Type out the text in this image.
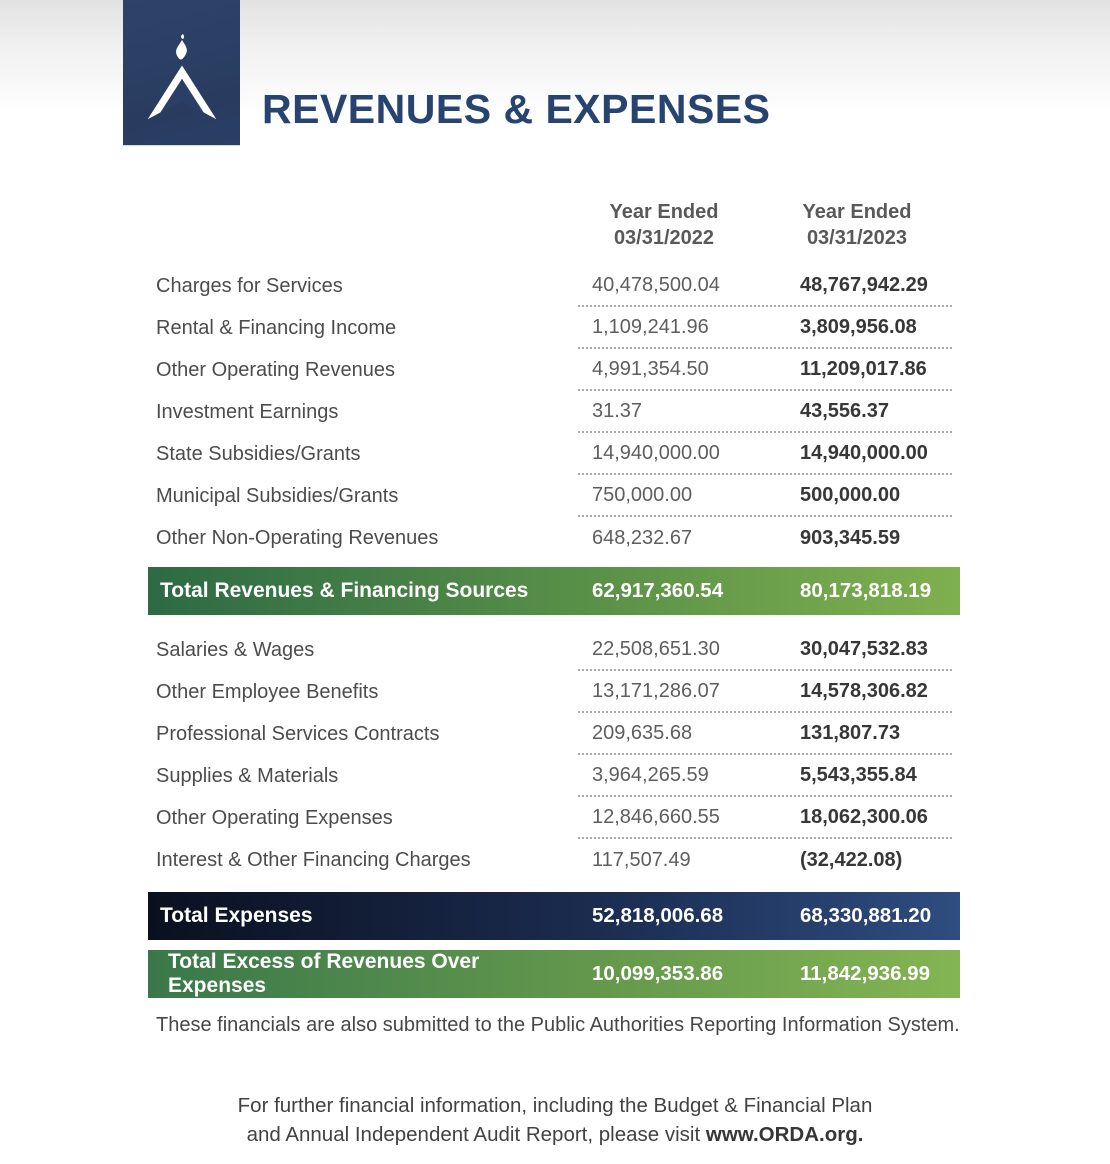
REVENUES & EXPENSES
Year Ended
03/31/2022
Year Ended
03/31/2023
Charges for Services	40,478,500.04	48,767,942.29
Rental & Financing Income	1,109,241.96	3,809,956.08
Other Operating Revenues	4,991,354.50	11,209,017.86
Investment Earnings	31.37	43,556.37
State Subsidies/Grants	14,940,000.00	14,940,000.00
Municipal Subsidies/Grants	750,000.00	500,000.00
Other Non-Operating Revenues	648,232.67	903,345.59
Total Revenues & Financing Sources	62,917,360.54	80,173,818.19
Salaries & Wages	22,508,651.30	30,047,532.83
Other Employee Benefits	13,171,286.07	14,578,306.82
Professional Services Contracts	209,635.68	131,807.73
Supplies & Materials	3,964,265.59	5,543,355.84
Other Operating Expenses	12,846,660.55	18,062,300.06
Interest & Other Financing Charges	117,507.49	(32,422.08)
Total Expenses	52,818,006.68	68,330,881.20
Total Excess of Revenues Over Expenses
10,099,353.86	11,842,936.99
These financials are also submitted to the Public Authorities Reporting Information System.
For further financial information, including the Budget & Financial Plan
and Annual Independent Audit Report, please visit www.ORDA.org.
